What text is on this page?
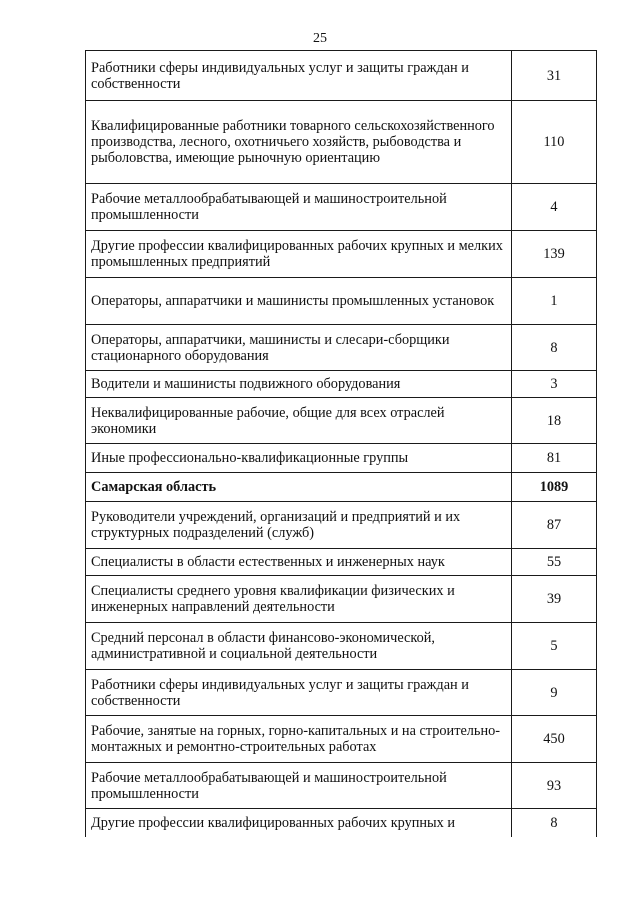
25
Работники сферы индивидуальных услуг и защиты граждан и собственности	31
Квалифицированные работники товарного сельскохозяйственного производства, лесного, охотничьего хозяйств, рыбоводства и рыболовства, имеющие рыночную ориентацию	110
Рабочие металлообрабатывающей и машиностроительной промышленности	4
Другие профессии квалифицированных рабочих крупных и мелких промышленных предприятий	139
Операторы, аппаратчики и машинисты промышленных установок	1
Операторы, аппаратчики, машинисты и слесари-сборщики стационарного оборудования	8
Водители и машинисты подвижного оборудования	3
Неквалифицированные рабочие, общие для всех отраслей экономики	18
Иные профессионально-квалификационные группы	81
Самарская область	1089
Руководители учреждений, организаций и предприятий и их структурных подразделений (служб)	87
Специалисты в области естественных и инженерных наук	55
Специалисты среднего уровня квалификации физических и инженерных направлений деятельности	39
Средний персонал в области финансово-экономической, административной и социальной деятельности	5
Работники сферы индивидуальных услуг и защиты граждан и собственности	9
Рабочие, занятые на горных, горно-капитальных и на строительно-монтажных и ремонтно-строительных работах	450
Рабочие металлообрабатывающей и машиностроительной промышленности	93
Другие профессии квалифицированных рабочих крупных и	8
